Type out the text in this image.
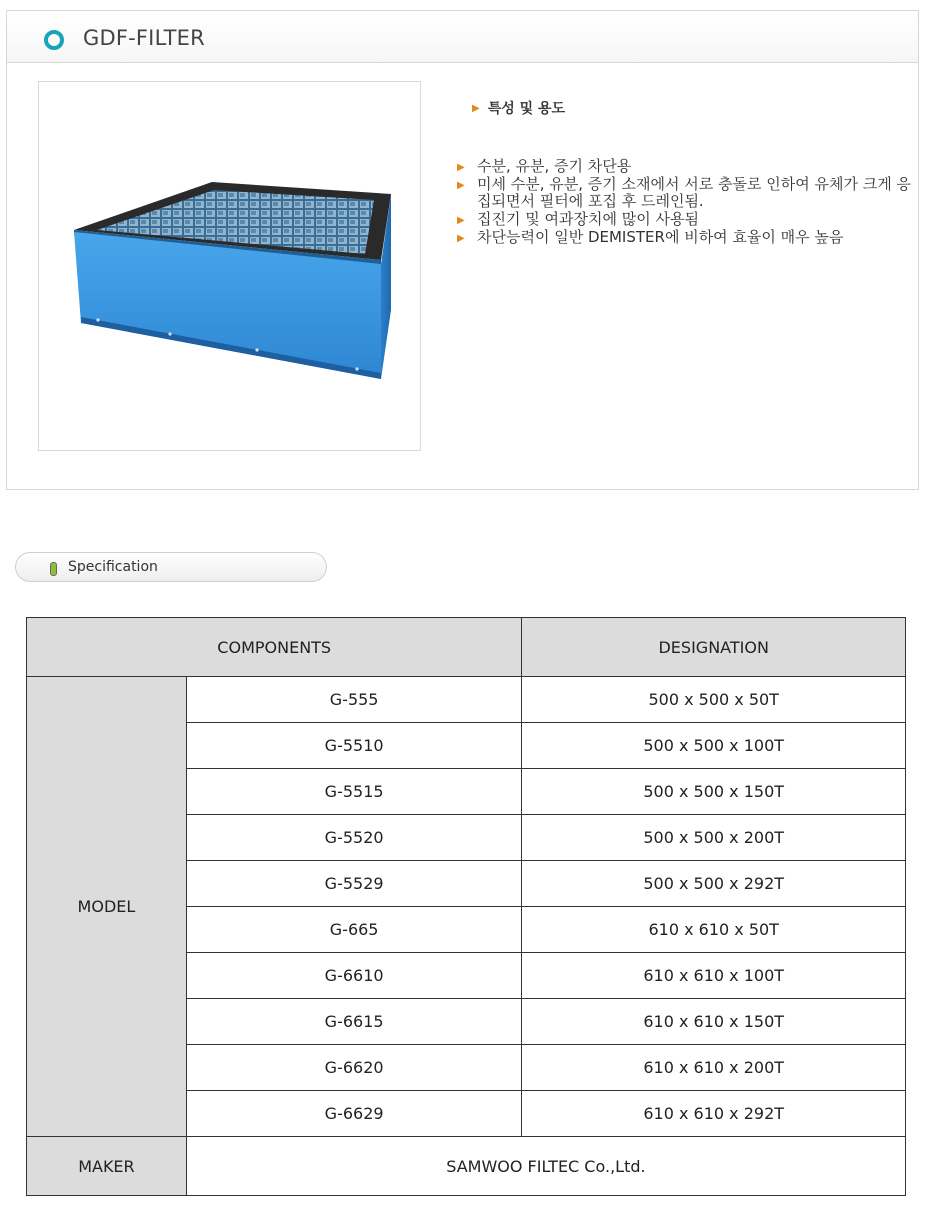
GDF-FILTER
▶ 특성 및 용도
▶ 수분, 유분, 증기 차단용
▶ 미세 수분, 유분, 증기 소재에서 서로 충돌로 인하여 유체가 크게 응집되면서 필터에 포집 후 드레인됨.
▶ 집진기 및 여과장치에 많이 사용됨
▶ 차단능력이 일반 DEMISTER에 비하여 효율이 매우 높음
Specification
COMPONENTS		DESIGNATION
MODEL	G-555	500 x 500 x 50T
	G-5510	500 x 500 x 100T
	G-5515	500 x 500 x 150T
	G-5520	500 x 500 x 200T
	G-5529	500 x 500 x 292T
	G-665	610 x 610 x 50T
	G-6610	610 x 610 x 100T
	G-6615	610 x 610 x 150T
	G-6620	610 x 610 x 200T
	G-6629	610 x 610 x 292T
MAKER	SAMWOO FILTEC Co.,Ltd.	
